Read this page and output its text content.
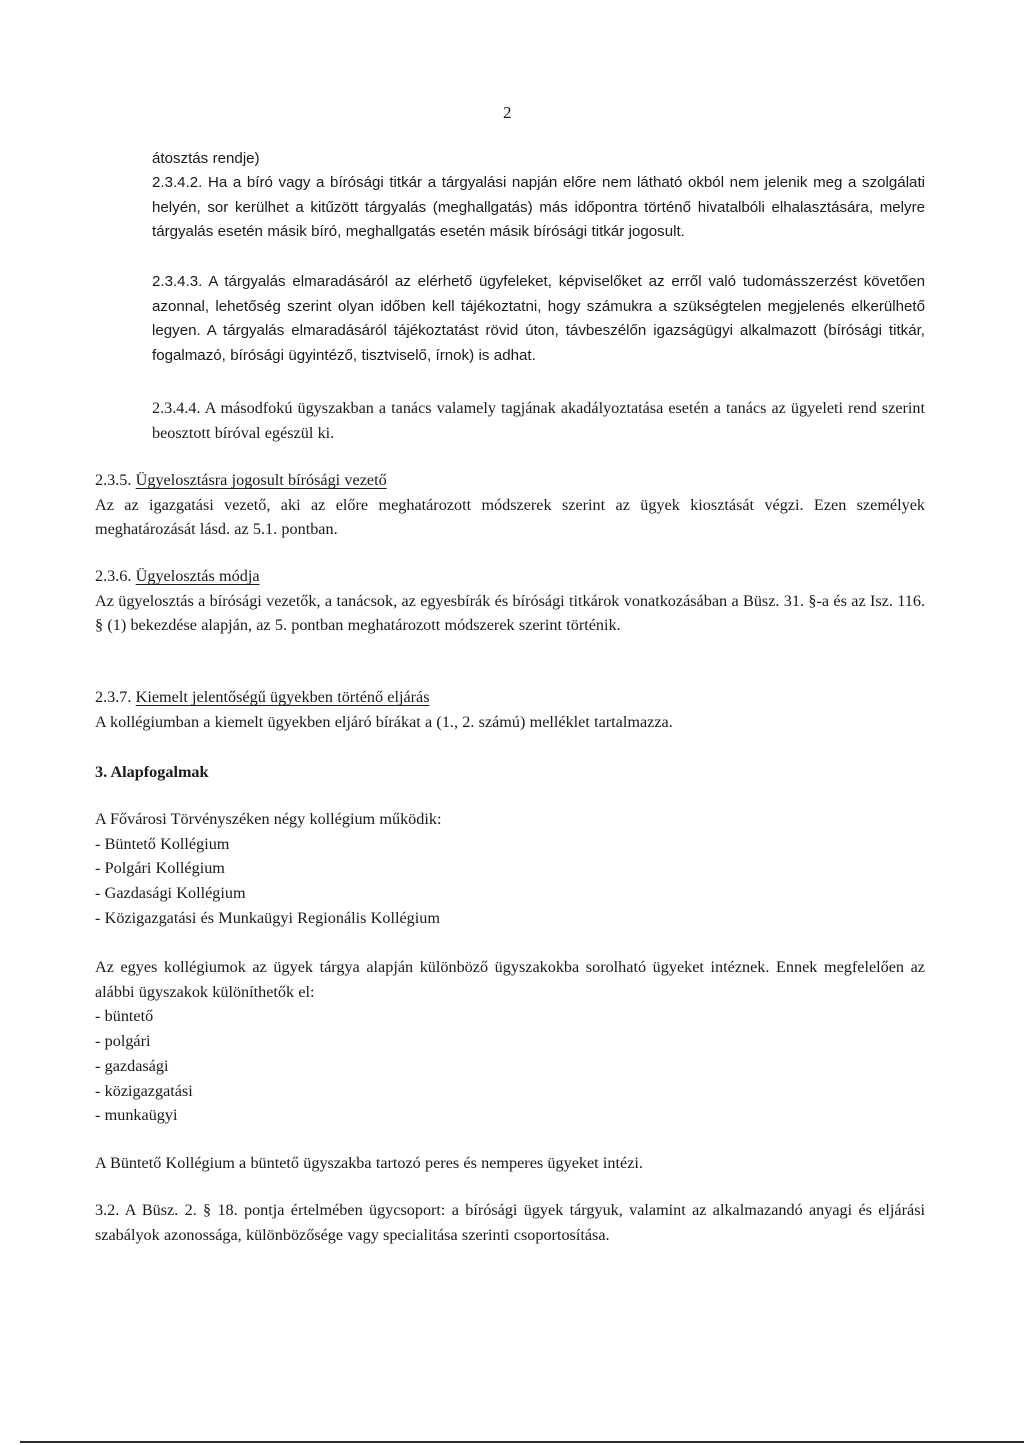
2

átosztás rendje)

2.3.4.2. Ha a bíró vagy a bírósági titkár a tárgyalási napján előre nem látható okból nem jelenik meg a szolgálati helyén, sor kerülhet a kitűzött tárgyalás (meghallgatás) más időpontra történő hivatalbóli elhalasztására, melyre tárgyalás esetén másik bíró, meghallgatás esetén másik bírósági titkár jogosult.

2.3.4.3. A tárgyalás elmaradásáról az elérhető ügyfeleket, képviselőket az erről való tudomásszerzést követően azonnal, lehetőség szerint olyan időben kell tájékoztatni, hogy számukra a szükségtelen megjelenés elkerülhető legyen. A tárgyalás elmaradásáról tájékoztatást rövid úton, távbeszélőn igazságügyi alkalmazott (bírósági titkár, fogalmazó, bírósági ügyintéző, tisztviselő, írnok) is adhat.

2.3.4.4. A másodfokú ügyszakban a tanács valamely tagjának akadályoztatása esetén a tanács az ügyeleti rend szerint beosztott bíróval egészül ki.

2.3.5. Ügyelosztásra jogosult bírósági vezető

Az az igazgatási vezető, aki az előre meghatározott módszerek szerint az ügyek kiosztását végzi. Ezen személyek meghatározását lásd. az 5.1. pontban.

2.3.6. Ügyelosztás módja

Az ügyelosztás a bírósági vezetők, a tanácsok, az egyesbírák és bírósági titkárok vonatkozásában a Büsz. 31. §-a és az Isz. 116. § (1) bekezdése alapján, az 5. pontban meghatározott módszerek szerint történik.

2.3.7. Kiemelt jelentőségű ügyekben történő eljárás

A kollégiumban a kiemelt ügyekben eljáró bírákat a (1., 2. számú) melléklet tartalmazza.

3. Alapfogalmak

A Fővárosi Törvényszéken négy kollégium működik:

- Büntető Kollégium

- Polgári Kollégium

- Gazdasági Kollégium

- Közigazgatási és Munkaügyi Regionális Kollégium

Az egyes kollégiumok az ügyek tárgya alapján különböző ügyszakokba sorolható ügyeket intéznek. Ennek megfelelően az alábbi ügyszakok különíthetők el:

- büntető

- polgári

- gazdasági

- közigazgatási

- munkaügyi

A Büntető Kollégium a büntető ügyszakba tartozó peres és nemperes ügyeket intézi.

3.2. A Büsz. 2. § 18. pontja értelmében ügycsoport: a bírósági ügyek tárgyuk, valamint az alkalmazandó anyagi és eljárási szabályok azonossága, különbözősége vagy specialitása szerinti csoportosítása.
